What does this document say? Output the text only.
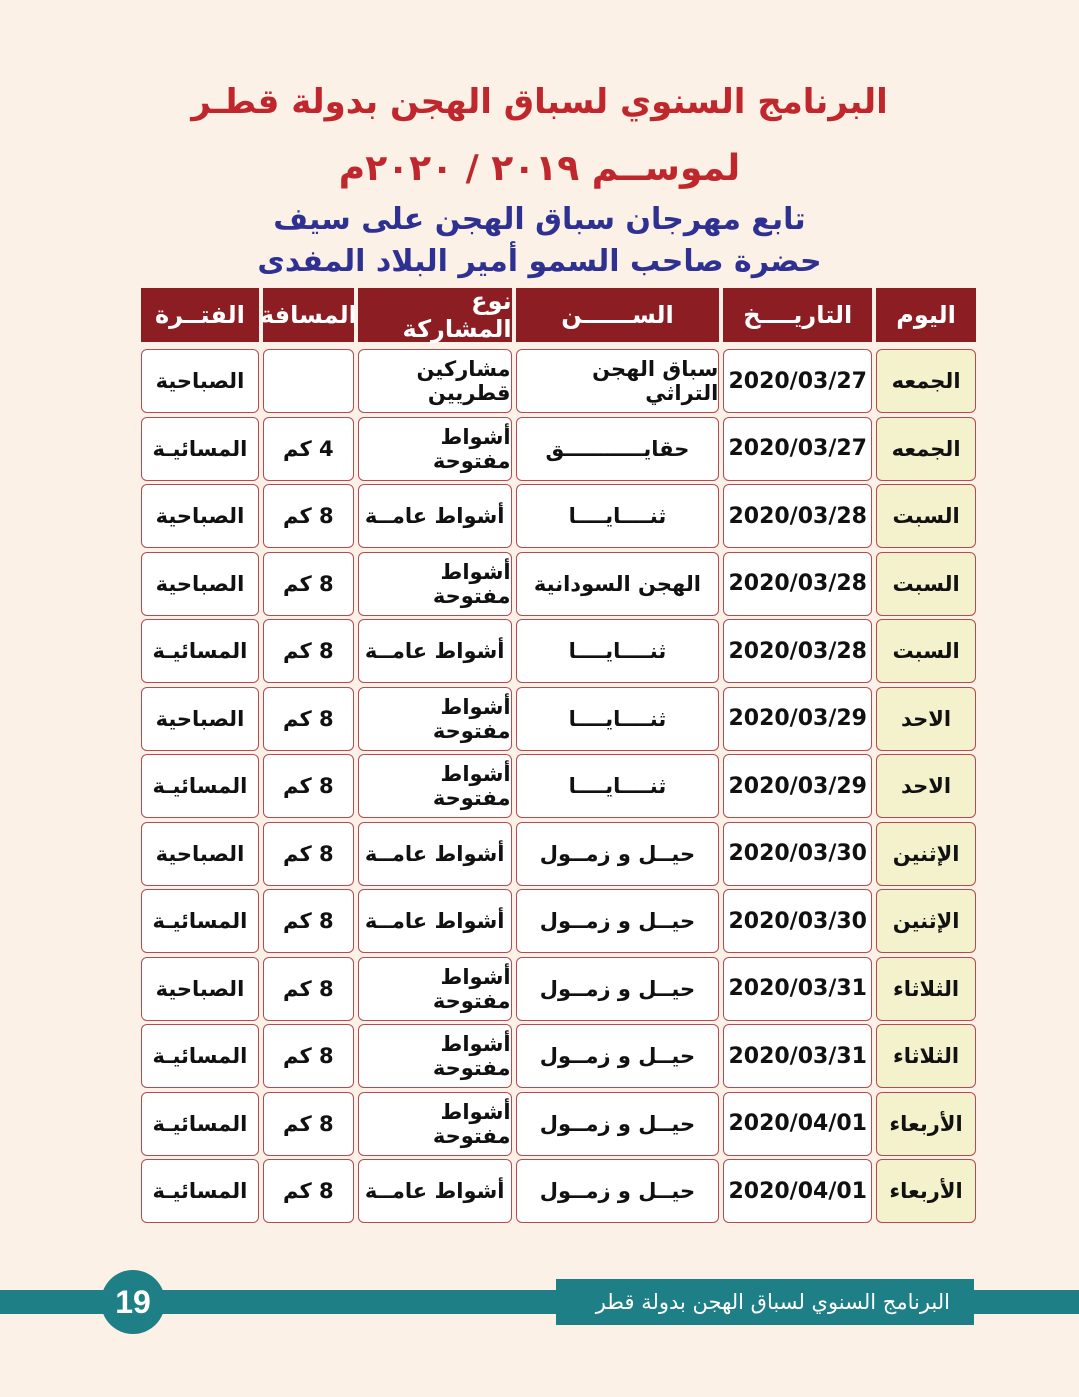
البرنامج السنوي لسباق الهجن بدولة قطـر
لموســم ٢٠١٩ / ٢٠٢٠م
تابع مهرجان سباق الهجن على سيف
حضرة صاحب السمو أمير البلاد المفدى
اليوم
التاريــــخ
الســــــن
نوع المشاركة
المسافة
الفتــرة
الجمعه
2020/03/27
سباق الهجن التراثي
مشاركين قطريين
الصباحية
الجمعه
2020/03/27
حقايـــــــــــق
أشواط مفتوحة
4 كم
المسائيـة
السبت
2020/03/28
ثنــــايــــا
أشواط عامــة
8 كم
الصباحية
السبت
2020/03/28
الهجن السودانية
أشواط مفتوحة
8 كم
الصباحية
السبت
2020/03/28
ثنــــايــــا
أشواط عامــة
8 كم
المسائيـة
الاحد
2020/03/29
ثنــــايــــا
أشواط مفتوحة
8 كم
الصباحية
الاحد
2020/03/29
ثنــــايــــا
أشواط مفتوحة
8 كم
المسائيـة
الإثنين
2020/03/30
حيــل و زمــول
أشواط عامــة
8 كم
الصباحية
الإثنين
2020/03/30
حيــل و زمــول
أشواط عامــة
8 كم
المسائيـة
الثلاثاء
2020/03/31
حيــل و زمــول
أشواط مفتوحة
8 كم
الصباحية
الثلاثاء
2020/03/31
حيــل و زمــول
أشواط مفتوحة
8 كم
المسائيـة
الأربعاء
2020/04/01
حيــل و زمــول
أشواط مفتوحة
8 كم
المسائيـة
الأربعاء
2020/04/01
حيــل و زمــول
أشواط عامــة
8 كم
المسائيـة
البرنامج السنوي لسباق الهجن بدولة قطر
19
